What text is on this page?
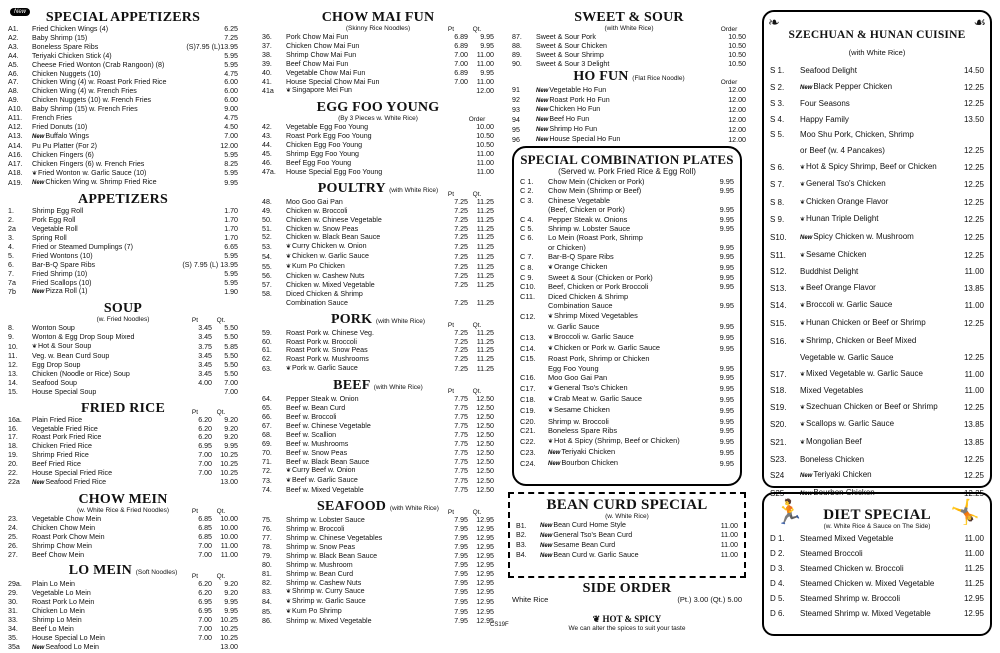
New	SPECIAL APPETIZERS
A1.	Fried Chicken Wings (4)	6.25
A2.	Baby Shrimp (15)	7.25
A3.	Boneless Spare Ribs	(S)7.95 (L)13.95
A4.	Teriyaki Chicken Stick (4)	5.95
A5.	Cheese Fried Wonton (Crab Rangoon) (8)	5.95
A6.	Chicken Nuggets (10)	4.75
A7.	Chicken Wing (4) w. Roast Pork Fried Rice	6.00
A8.	Chicken Wing (4) w. French Fries	6.00
A9.	Chicken Nuggets (10) w. French Fries	6.00
A10.	Baby Shrimp (15) w. French Fries	9.00
A11.	French Fries	4.75
A12.	Fried Donuts (10)	4.50
A13.	NewBuffalo Wings	7.00
A14.	Pu Pu Platter (For 2)	12.00
A16.	Chicken Fingers (6)	5.95
A17.	Chicken Fingers (6) w. French Fries	8.25
A18.	❦Fried Wonton w. Garlic Sauce (10)	5.95
A19.	NewChicken Wing w. Shrimp Fried Rice	9.95
APPETIZERS
1.	Shrimp Egg Roll	1.70
2.	Pork Egg Roll	1.70
2a	Vegetable Roll	1.70
3.	Spring Roll	1.70
4.	Fried or Steamed Dumplings (7)	6.65
5.	Fried Wontons (10)	5.95
6.	Bar-B-Q Spare Ribs	(S) 7.95 (L) 13.95
7.	Fried Shrimp (10)	5.95
7a	Fried Scallops (10)	5.95
7b	NewPizza Roll (1)	1.90
SOUP
(w. Fried Noodles)	Pt	Qt.
8.	Wonton Soup	3.45 5.50
9.	Wonton & Egg Drop Soup Mixed	3.45 5.50
10.	❦Hot & Sour Soup	3.75 5.85
11.	Veg. w. Bean Curd Soup	3.45 5.50
12.	Egg Drop Soup	3.45 5.50
13.	Chicken (Noodle or Rice) Soup	3.45 5.50
14.	Seafood Soup	4.00 7.00
15.	House Special Soup	7.00
FRIED RICE	Pt	Qt.
16a.	Plain Fried Rice	6.20 9.20
16.	Vegetable Fried Rice	6.20 9.20
17.	Roast Pork Fried Rice	6.20 9.20
18.	Chicken Fried Rice	6.95 9.95
19.	Shrimp Fried Rice	7.00 10.25
20.	Beef Fried Rice	7.00 10.25
22.	House Special Fried Rice	7.00 10.25
22a	NewSeafood Fried Rice	13.00
CHOW MEIN
(w. White Rice & Fried Noodles)	Pt	Qt.
23.	Vegetable Chow Mein	6.85 10.00
24.	Chicken Chow Mein	6.85 10.00
25.	Roast Pork Chow Mein	6.85 10.00
26.	Shrimp Chow Mein	7.00 11.00
27.	Beef Chow Mein	7.00 11.00
LO MEIN (Soft Noodles)
Pt	Qt.
29a.	Plain Lo Mein	6.20 9.20
29.	Vegetable Lo Mein	6.20 9.20
30.	Roast Pork Lo Mein	6.95 9.95
31.	Chicken Lo Mein	6.95 9.95
33.	Shrimp Lo Mein	7.00 10.25
34.	Beef Lo Mein	7.00 10.25
35.	House Special Lo Mein	7.00 10.25
35a	NewSeafood Lo Mein	13.00
CHOW MAI FUN
(Skinny Rice Noodles)	Pt	Qt.
36.	Pork Chow Mai Fun	6.89 9.95
37.	Chicken Chow Mai Fun	6.89 9.95
38.	Shrimp Chow Mai Fun	7.00 11.00
39.	Beef Chow Mai Fun	7.00 11.00
40.	Vegetable Chow Mai Fun	6.89 9.95
41.	House Special Chow Mai Fun	7.00 11.00
41a	❦Singapore Mei Fun	12.00
EGG FOO YOUNG
(By 3 Pieces w. White Rice)	Order
42.	Vegetable Egg Foo Young	10.00
43.	Roast Pork Egg Foo Young	10.50
44.	Chicken Egg Foo Young	10.50
45.	Shrimp Egg Foo Young	11.00
46.	Beef Egg Foo Young	11.00
47a.	House Special Egg Foo Young	11.00
POULTRY (with White Rice)
Pt	Qt.
48.	Moo Goo Gai Pan	7.25 11.25
49.	Chicken w. Broccoli	7.25 11.25
50.	Chicken w. Chinese Vegetable	7.25 11.25
51.	Chicken w. Snow Peas	7.25 11.25
52.	Chicken w. Black Bean Sauce	7.25 11.25
53.	❦Curry Chicken w. Onion	7.25 11.25
54.	❦Chicken w. Garlic Sauce	7.25 11.25
55.	❦Kum Po Chicken	7.25 11.25
56.	Chicken w. Cashew Nuts	7.25 11.25
57.	Chicken w. Mixed Vegetable	7.25 11.25
58.	Diced Chicken & Shrimp
Combination Sauce	7.25 11.25
PORK (with White Rice)
Pt	Qt.
59.	Roast Pork w. Chinese Veg.	7.25 11.25
60.	Roast Pork w. Broccoli	7.25 11.25
61.	Roast Pork w. Snow Peas	7.25 11.25
62.	Roast Pork w. Mushrooms	7.25 11.25
63.	❦Pork w. Garlic Sauce	7.25 11.25
BEEF (with White Rice)
Pt	Qt.
64.	Pepper Steak w. Onion	7.75 12.50
65.	Beef w. Bean Curd	7.75 12.50
66.	Beef w. Broccoli	7.75 12.50
67.	Beef w. Chinese Vegetable	7.75 12.50
68.	Beef w. Scallion	7.75 12.50
69.	Beef w. Mushrooms	7.75 12.50
70.	Beef w. Snow Peas	7.75 12.50
71.	Beef w. Black Bean Sauce	7.75 12.50
72.	❦Curry Beef w. Onion	7.75 12.50
73.	❦Beef w. Garlic Sauce	7.75 12.50
74.	Beef w. Mixed Vegetable	7.75 12.50
SEAFOOD (with White Rice)
Pt	Qt.
75.	Shrimp w. Lobster Sauce	7.95 12.95
76.	Shrimp w. Broccoli	7.95 12.95
77.	Shrimp w. Chinese Vegetables	7.95 12.95
78.	Shrimp w. Snow Peas	7.95 12.95
79.	Shrimp w. Black Bean Sauce	7.95 12.95
80.	Shrimp w. Mushroom	7.95 12.95
81.	Shrimp w. Bean Curd	7.95 12.95
82.	Shrimp w. Cashew Nuts	7.95 12.95
83.	❦Shrimp w. Curry Sauce	7.95 12.95
84.	❦Shrimp w. Garlic Sauce	7.95 12.95
85.	❦Kum Po Shrimp	7.95 12.95
86.	Shrimp w. Mixed Vegetable	7.95 12.95
SWEET & SOUR
(with White Rice)	Order
87.	Sweet & Sour Pork	10.50
88.	Sweet & Sour Chicken	10.50
89.	Sweet & Sour Shrimp	10.50
90.	Sweet & Sour 3 Delight	10.50
HO FUN (Flat Rice Noodle)
Order
91	NewVegetable Ho Fun	12.00
92	NewRoast Pork Ho Fun	12.00
93	NewChicken Ho Fun	12.00
94	NewBeef Ho Fun	12.00
95	NewShrimp Ho Fun	12.00
96	NewHouse Special Ho Fun	12.00
SPECIAL COMBINATION PLATES
(Served w. Pork Fried Rice & Egg Roll)
C 1.	Chow Mein (Chicken or Pork)	9.95
C 2.	Chow Mein (Shrimp or Beef)	9.95
C 3.	Chinese Vegetable
(Beef, Chicken or Pork)	9.95
C 4.	Pepper Steak w. Onions	9.95
C 5.	Shrimp w. Lobster Sauce	9.95
C 6.	Lo Mein (Roast Pork, Shrimp
or Chicken)	9.95
C 7.	Bar-B-Q Spare Ribs	9.95
C 8.	❦Orange Chicken	9.95
C 9.	Sweet & Sour (Chicken or Pork)	9.95
C10.	Beef, Chicken or Pork Broccoli	9.95
C11.	Diced Chicken & Shrimp
Combination Sauce	9.95
C12.	❦Shrimp Mixed Vegetables
w. Garlic Sauce	9.95
C13.	❦Broccoli w. Garlic Sauce	9.95
C14.	❦Chicken or Pork w. Garlic Sauce	9.95
C15.	Roast Pork, Shrimp or Chicken
Egg Foo Young	9.95
C16.	Moo Goo Gai Pan	9.95
C17.	❦General Tso's Chicken	9.95
C18.	❦Crab Meat w. Garlic Sauce	9.95
C19.	❦Sesame Chicken	9.95
C20.	Shrimp w. Broccoli	9.95
C21.	Boneless Spare Ribs	9.95
C22.	❦Hot & Spicy (Shrimp, Beef or Chicken)	9.95
C23.	NewTeriyaki Chicken	9.95
C24.	NewBourbon Chicken	9.95
BEAN CURD SPECIAL
(w. White Rice)
B1.	NewBean Curd Home Style	11.00
B2.	NewGeneral Tso's Bean Curd	11.00
B3.	NewSesame Bean Curd	11.00
B4.	NewBean Curd w. Garlic Sauce	11.00
SIDE ORDER
White Rice	(Pt.) 3.00 (Qt.) 5.00
❦ HOT & SPICY
We can alter the spices to suit your taste
CS19F
❧	☙
SZECHUAN & HUNAN CUISINE
(with White Rice)
S 1.	Seafood Delight	14.50
S 2.	NewBlack Pepper Chicken	12.25
S 3.	Four Seasons	12.25
S 4.	Happy Family	13.50
S 5.	Moo Shu Pork, Chicken, Shrimp
or Beef (w. 4 Pancakes)	12.25
S 6.	❦Hot & Spicy Shrimp, Beef or Chicken	12.25
S 7.	❦General Tso's Chicken	12.25
S 8.	❦Chicken Orange Flavor	12.25
S 9.	❦Hunan Triple Delight	12.25
S10.	NewSpicy Chicken w. Mushroom	12.25
S11.	❦Sesame Chicken	12.25
S12.	Buddhist Delight	11.00
S13.	❦Beef Orange Flavor	13.85
S14.	❦Broccoli w. Garlic Sauce	11.00
S15.	❦Hunan Chicken or Beef or Shrimp	12.25
S16.	❦Shrimp, Chicken or Beef Mixed
Vegetable w. Garlic Sauce	12.25
S17.	❦Mixed Vegetable w. Garlic Sauce	11.00
S18.	Mixed Vegetables	11.00
S19.	❦Szechuan Chicken or Beef or Shrimp	12.25
S20.	❦Scallops w. Garlic Sauce	13.85
S21.	❦Mongolian Beef	13.85
S23.	Boneless Chicken	12.25
S24	NewTeriyaki Chicken	12.25
S25	NewBourbon Chicken	12.25
🏃	🤸
DIET SPECIAL
(w. White Rice & Sauce on The Side)
D 1.	Steamed Mixed Vegetable	11.00
D 2.	Steamed Broccoli	11.00
D 3.	Steamed Chicken w. Broccoli	11.25
D 4.	Steamed Chicken w. Mixed Vegetable	11.25
D 5.	Steamed Shrimp w. Broccoli	12.95
D 6.	Steamed Shrimp w. Mixed Vegetable	12.95
